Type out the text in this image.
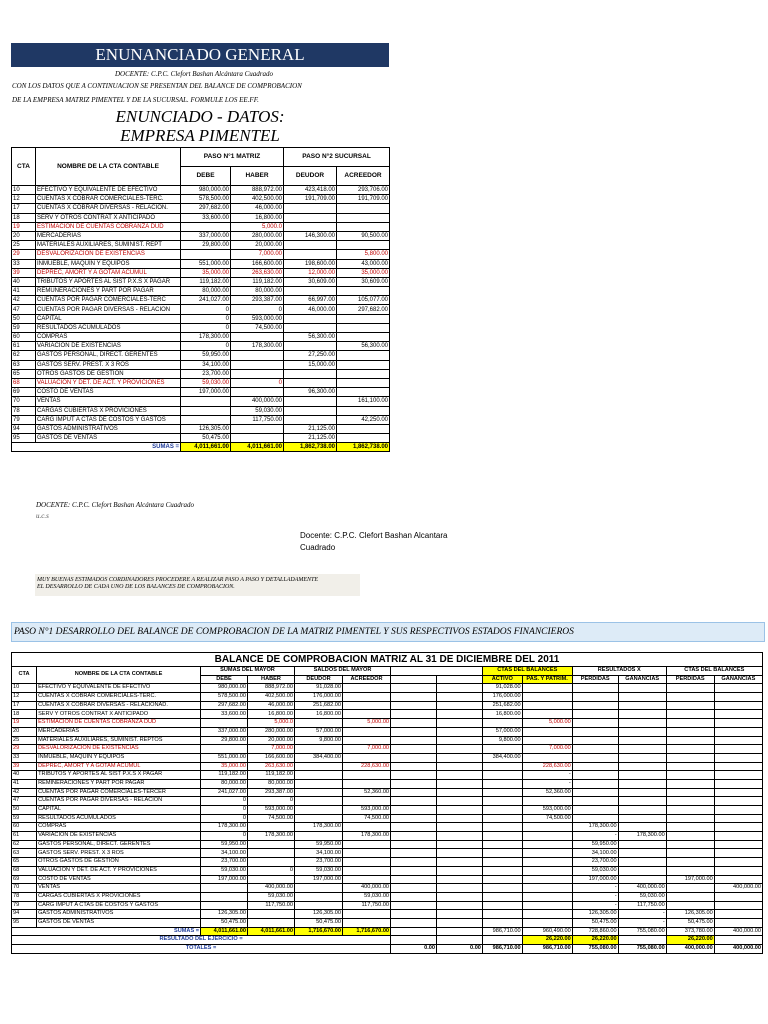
ENUNANCIADO GENERAL
DOCENTE: C.P.C. Clefort Bashan Alcántara Cuadrado
CON LOS DATOS QUE A CONTINUACION SE PRESENTAN DEL BALANCE DE COMPROBACION
DE LA EMPRESA MATRIZ PIMENTEL Y DE LA SUCURSAL. FORMULE LOS EE.FF.
ENUNCIADO - DATOS:
EMPRESA PIMENTEL
CTA	NOMBRE DE LA CTA CONTABLE	PASO N°1 MATRIZ		PASO N°2 SUCURSAL	
		DEBE	HABER	DEUDOR	ACREEDOR
10	EFECTIVO Y EQUIVALENTE DE EFECTIVO	980,000.00	888,972.00	423,418.00	293,706.00
12	CUENTAS X COBRAR COMERCIALES-TERC.	578,500.00	402,500.00	191,709.00	191,709.00
17	CUENTAS X COBRAR DIVERSAS - RELACION.	297,682.00	46,000.00		
18	SERV Y OTROS CONTRAT X ANTICIPADO	33,600.00	16,800.00		
19	ESTIMACION DE CUENTAS COBRANZA DUD		5,000.0		
20	MERCADERIAS	337,000.00	280,000.00	146,300.00	90,500.00
25	MATERIALES AUXILIARES, SUMINIST. REPT	29,800.00	20,000.00		
29	DESVALORIZACION DE EXISTENCIAS		7,000.00		5,800.00
33	INMUEBLE, MAQUIN Y EQUIPOS	551,000.00	166,600.00	198,600.00	43,000.00
39	DEPREC, AMORT Y A GOTAM ACUMUL	35,000.00	263,630.00	12,000.00	35,000.00
40	TRIBUTOS Y APORTES AL SIST P.X.S X PAGAR	119,182.00	119,182.00	30,609.00	30,609.00
41	REMUNERACIONES Y PART POR PAGAR	80,000.00	80,000.00		
42	CUENTAS POR PAGAR COMERCIALES-TERC	241,027.00	293,387.00	66,997.00	105,077.00
47	CUENTAS POR PAGAR DIVERSAS - RELACION	0	0	46,000.00	297,682.00
50	CAPITAL	0	593,000.00		
59	RESULTADOS ACUMULADOS	0	74,500.00		
60	COMPRAS	178,300.00		56,300.00	
61	VARIACION DE EXISTENCIAS	0	178,300.00		56,300.00
62	GASTOS PERSONAL, DIRECT. GERENTES	59,950.00		27,250.00	
63	GASTOS SERV. PREST. X 3 ROS	34,100.00		15,000.00	
65	OTROS GASTOS DE GESTION	23,700.00			
68	VALUACION Y DET. DE ACT. Y PROVICIONES	59,030.00	0		
69	COSTO DE VENTAS	197,000.00		96,300.00	
70	VENTAS		400,000.00		161,100.00
78	CARGAS CUBIERTAS X PROVICIONES		59,030.00		
79	CARG IMPUT A CTAS DE COSTOS Y GASTOS		117,750.00		42,250.00
94	GASTOS ADMINISTRATIVOS	126,305.00		21,125.00	
95	GASTOS DE VENTAS	50,475.00		21,125.00	
SUMAS =		4,011,661.00	4,011,661.00	1,862,738.00	1,862,738.00
DOCENTE: C.P.C. Clefort Bashan Alcántara Cuadrado
u.c.s
Docente: C.P.C. Clefort Bashan Alcantara Cuadrado
MUY BUENAS ESTIMADOS CORDINADORES PROCEDERE A REALIZAR PASO A PASO Y DETALLADAMENTE
EL DESARROLLO DE CADA UNO DE LOS BALANCES DE COMPROBACION.
PASO N°1 DESARROLLO DEL BALANCE DE COMPROBACION DE LA MATRIZ PIMENTEL Y SUS RESPECTIVOS ESTADOS FINANCIEROS
BALANCE DE COMPROBACION MATRIZ AL 31 DE DICIEMBRE DEL 2011													
CTA	NOMBRE DE LA CTA CONTABLE	SUMAS DEL MAYOR		SALDOS DEL MAYOR				CTAS DEL BALANCES		RESULTADOS X		CTAS DEL BALANCES	
		DEBE	HABER	DEUDOR	ACREEDOR			ACTIVO	PAS. Y PATRIM.	PERDIDAS	GANANCIAS	PERDIDAS	GANANCIAS
10	EFECTIVO Y EQUIVALENTE DE EFECTIVO	980,000.00	888,972.00	91,028.00				91,028.00					
12	CUENTAS X COBRAR COMERCIALES-TERC.	578,500.00	402,500.00	176,000.00				176,000.00					
17	CUENTAS X COBRAR DIVERSAS - RELACIONAD.	297,682.00	46,000.00	251,682.00				251,682.00					
18	SERV Y OTROS CONTRAT X ANTICIPADO	33,600.00	16,800.00	16,800.00				16,800.00					
19	ESTIMACION DE CUENTAS COBRANZA DUD		5,000.0		5,000.00				5,000.00				
20	MERCADERIAS	337,000.00	280,000.00	57,000.00				57,000.00					
25	MATERIALES AUXILIARES, SUMINIST. REPTOS	29,800.00	20,000.00	9,800.00				9,800.00					
29	DESVALORIZACION DE EXISTENCIAS		7,000.00		7,000.00				7,000.00				
33	INMUEBLE, MAQUIN Y EQUIPOS	551,000.00	166,600.00	384,400.00				384,400.00					
39	DEPREC, AMORT Y A GOTAM ACUMUL	35,000.00	263,630.00		228,630.00				228,630.00				
40	TRIBUTOS Y APORTES AL SIST P.X.S X PAGAR	119,182.00	119,182.00						-				
41	REMINERACIONES Y PART POR PAGAR	80,000.00	80,000.00						-				
42	CUENTAS POR PAGAR COMERCIALES-TERCER	241,027.00	293,387.00		52,360.00				52,360.00				
47	CUENTAS POR PAGAR DIVERSAS - RELACION	0	0										
50	CAPITAL	0	593,000.00		593,000.00				593,000.00				
59	RESULTADOS ACUMULADOS	0	74,500.00		74,500.00				74,500.00				
60	COMPRAS	178,300.00		178,300.00						178,300.00			
61	VARIACION DE EXISTENCIAS	0	178,300.00		178,300.00					-	178,300.00		
62	GASTOS PERSONAL, DIRECT. GERENTES	59,950.00		59,950.00						59,950.00			
63	GASTOS SERV. PREST. X 3 ROS	34,100.00		34,100.00						34,100.00			
65	OTROS GASTOS DE GESTION	23,700.00		23,700.00						23,700.00			
68	VALUACION Y DET. DE ACT. Y PROVICIONES	59,030.00	0	59,030.00						59,030.00			
69	COSTO DE VENTAS	197,000.00		197,000.00						197,000.00		197,000.00	
70	VENTAS		400,000.00		400,000.00					-	400,000.00		400,000.00
78	CARGAS CUBIERTAS X PROVICIONES		59,030.00		59,030.00					-	59,030.00		
79	CARG IMPUT A CTAS DE COSTOS Y GASTOS		117,750.00		117,750.00					-	117,750.00		
94	GASTOS ADMINISTRATIVOS	126,305.00		126,305.00						126,305.00	-	126,305.00	
95	GASTOS DE VENTAS	50,475.00		50,475.00						50,475.00	-	50,475.00	
SUMAS =		4,011,661.00	4,011,661.00	1,716,670.00	1,716,670.00			986,710.00	960,490.00	728,860.00	755,080.00	373,780.00	400,000.00
RESULTADO DEL EJERCICIO =									26,220.00	26,220.00		26,220.00	
TOTALES =						0.00	0.00	986,710.00	986,710.00	755,080.00	755,080.00	400,000.00	400,000.00
